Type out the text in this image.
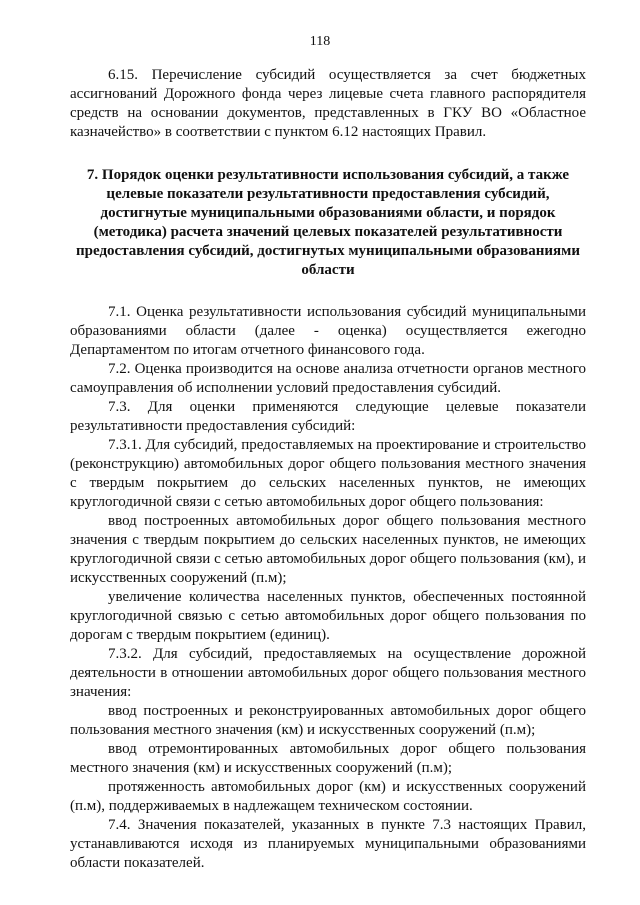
118

6.15. Перечисление субсидий осуществляется за счет бюджетных ассигнований Дорожного фонда через лицевые счета главного распорядителя средств на основании документов, представленных в ГКУ ВО «Областное казначейство» в соответствии с пунктом 6.12 настоящих Правил.

7. Порядок оценки результативности использования субсидий, а также целевые показатели результативности предоставления субсидий, достигнутые муниципальными образованиями области, и порядок (методика) расчета значений целевых показателей результативности предоставления субсидий, достигнутых муниципальными образованиями области

7.1. Оценка результативности использования субсидий муниципальными образованиями области (далее - оценка) осуществляется ежегодно Департаментом по итогам отчетного финансового года.

7.2. Оценка производится на основе анализа отчетности органов местного самоуправления об исполнении условий предоставления субсидий.

7.3. Для оценки применяются следующие целевые показатели результативности предоставления субсидий:

7.3.1. Для субсидий, предоставляемых на проектирование и строительство (реконструкцию) автомобильных дорог общего пользования местного значения с твердым покрытием до сельских населенных пунктов, не имеющих круглогодичной связи с сетью автомобильных дорог общего пользования:

ввод построенных автомобильных дорог общего пользования местного значения с твердым покрытием до сельских населенных пунктов, не имеющих круглогодичной связи с сетью автомобильных дорог общего пользования (км), и искусственных сооружений (п.м);

увеличение количества населенных пунктов, обеспеченных постоянной круглогодичной связью с сетью автомобильных дорог общего пользования по дорогам с твердым покрытием (единиц).

7.3.2. Для субсидий, предоставляемых на осуществление дорожной деятельности в отношении автомобильных дорог общего пользования местного значения:

ввод построенных и реконструированных автомобильных дорог общего пользования местного значения (км) и искусственных сооружений (п.м);

ввод отремонтированных автомобильных дорог общего пользования местного значения (км) и искусственных сооружений (п.м);

протяженность автомобильных дорог (км) и искусственных сооружений (п.м), поддерживаемых в надлежащем техническом состоянии.

7.4. Значения показателей, указанных в пункте 7.3 настоящих Правил, устанавливаются исходя из планируемых муниципальными образованиями области показателей.
